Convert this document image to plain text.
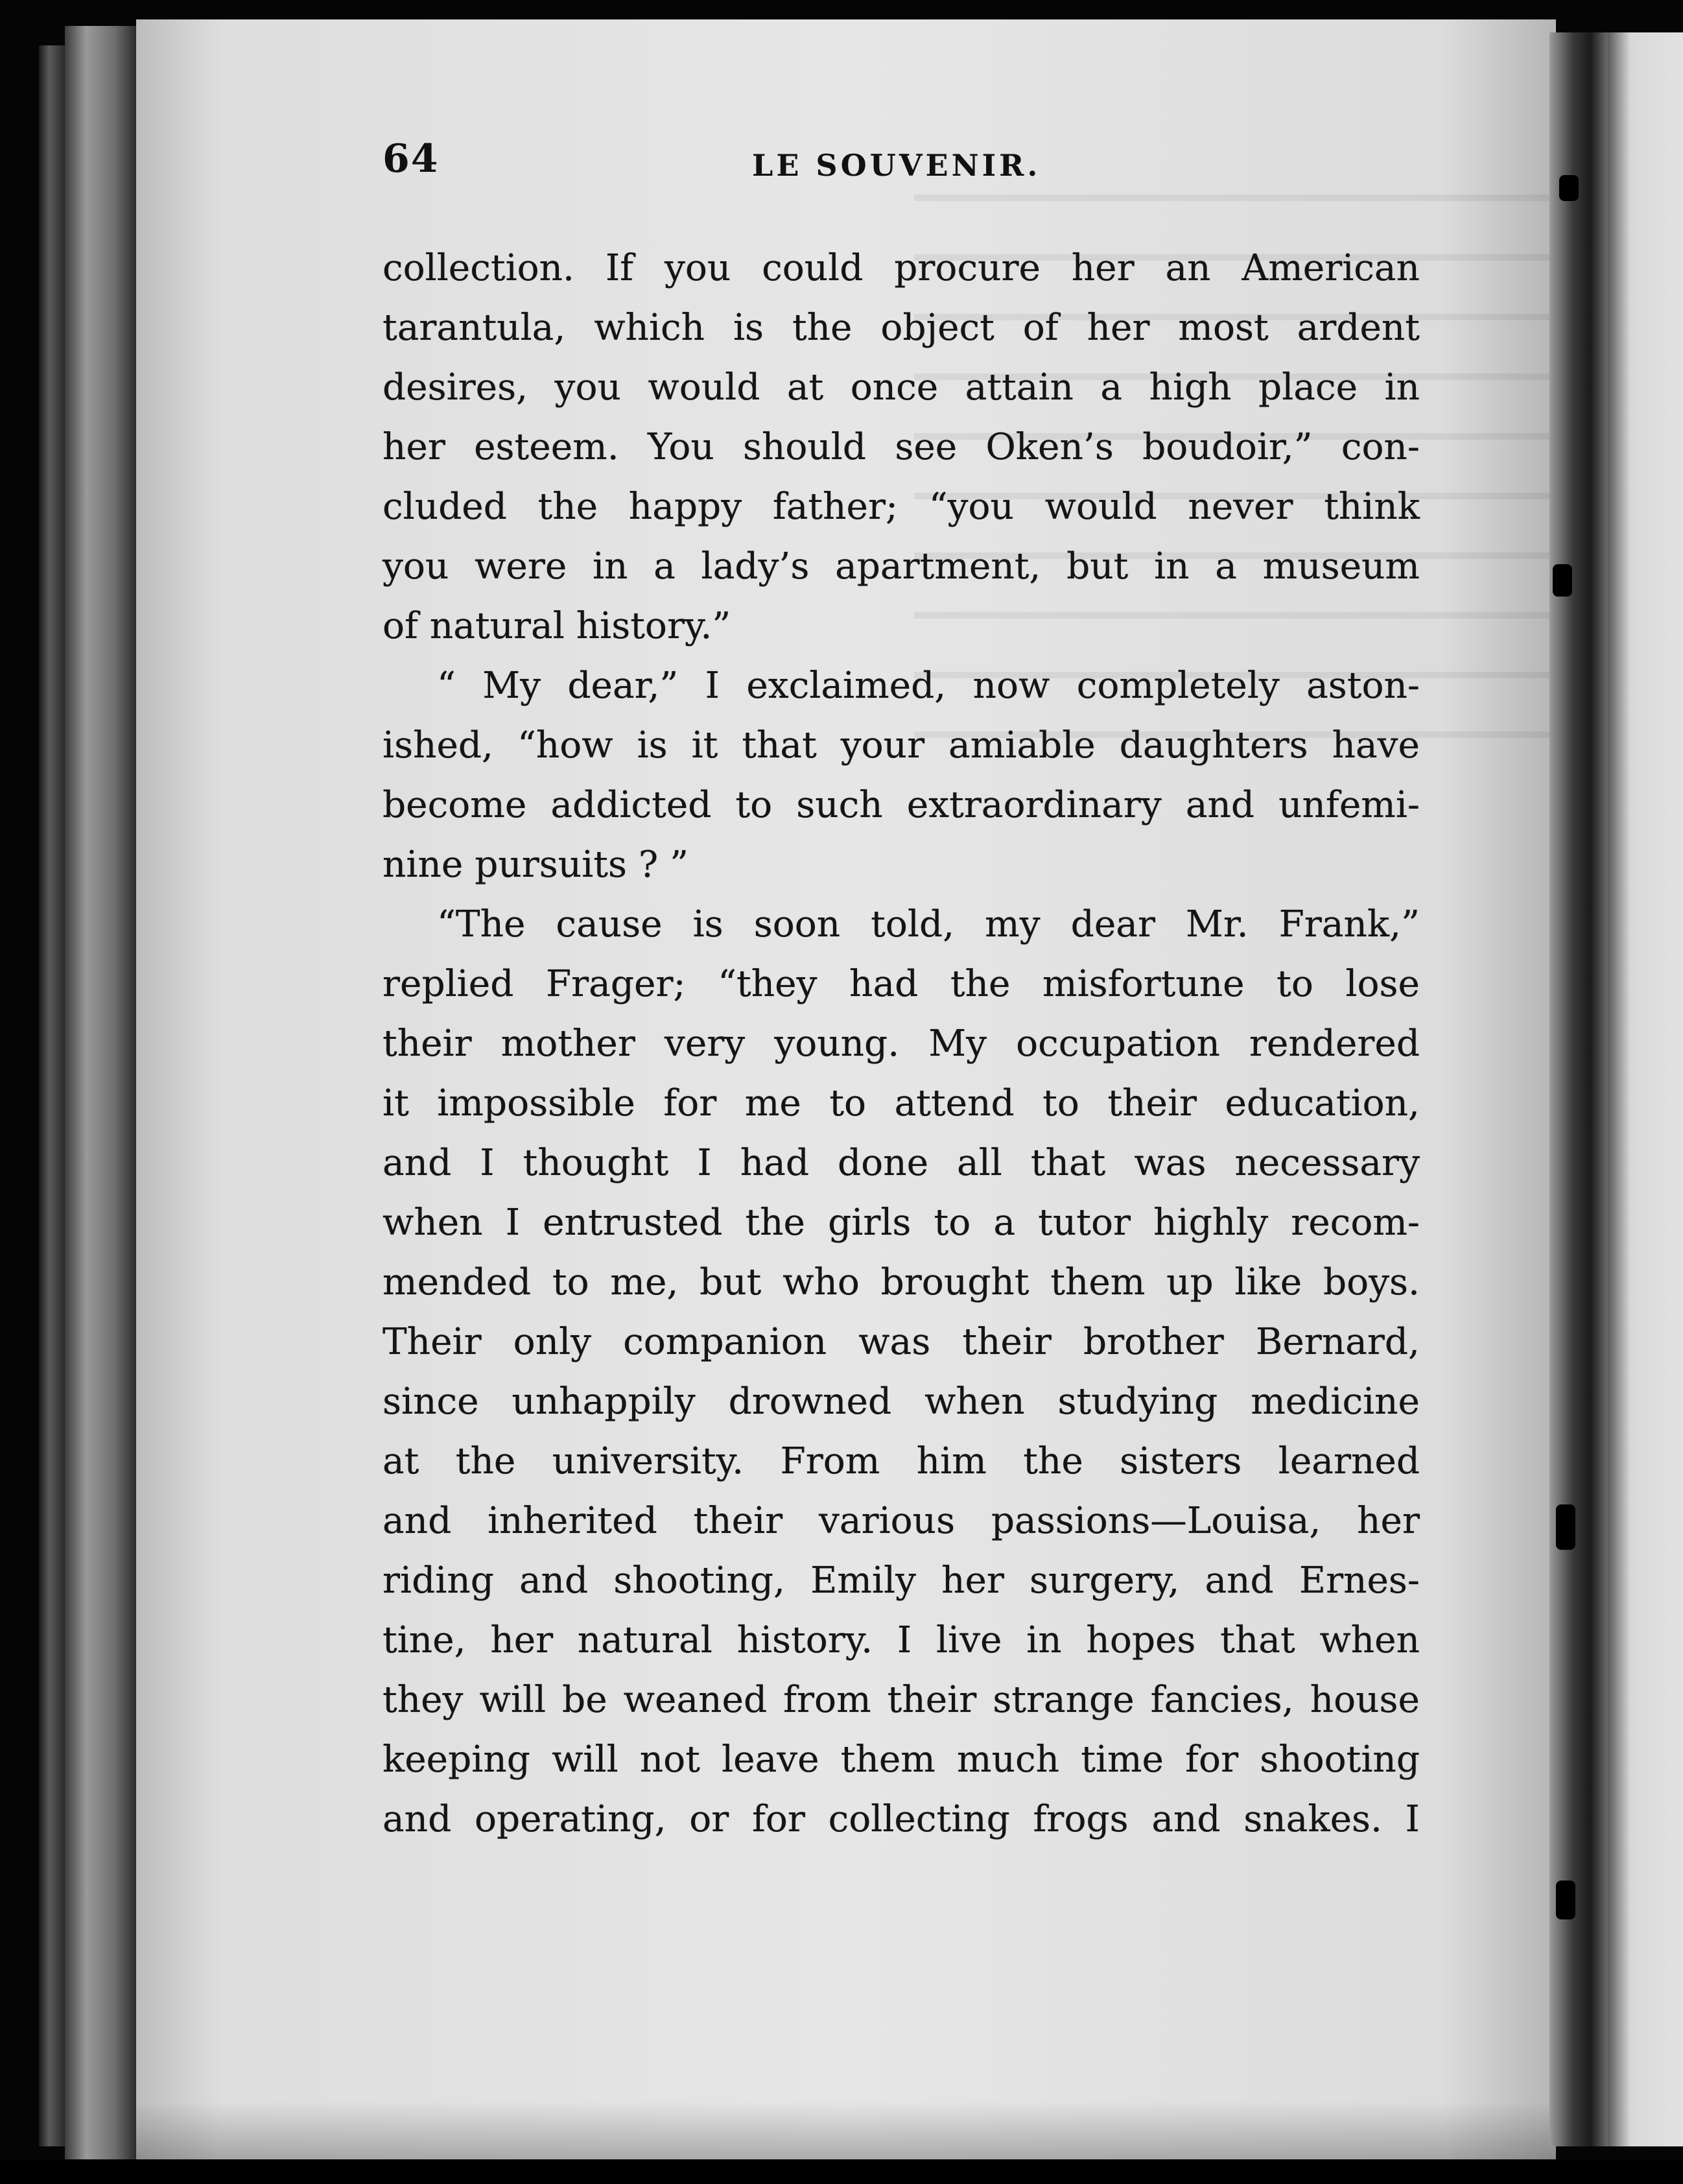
64	LE SOUVENIR.
collection. If you could procure her an American
tarantula, which is the object of her most ardent
desires, you would at once attain a high place in
her esteem. You should see Oken’s boudoir,” con-
cluded the happy father; “you would never think
you were in a lady’s apartment, but in a museum
of natural history.”
“ My dear,” I exclaimed, now completely aston-
ished, “how is it that your amiable daughters have
become addicted to such extraordinary and unfemi-
nine pursuits ? ”
“The cause is soon told, my dear Mr. Frank,”
replied Frager; “they had the misfortune to lose
their mother very young. My occupation rendered
it impossible for me to attend to their education,
and I thought I had done all that was necessary
when I entrusted the girls to a tutor highly recom-
mended to me, but who brought them up like boys.
Their only companion was their brother Bernard,
since unhappily drowned when studying medicine
at the university. From him the sisters learned
and inherited their various passions—Louisa, her
riding and shooting, Emily her surgery, and Ernes-
tine, her natural history. I live in hopes that when
they will be weaned from their strange fancies, house
keeping will not leave them much time for shooting
and operating, or for collecting frogs and snakes. I
